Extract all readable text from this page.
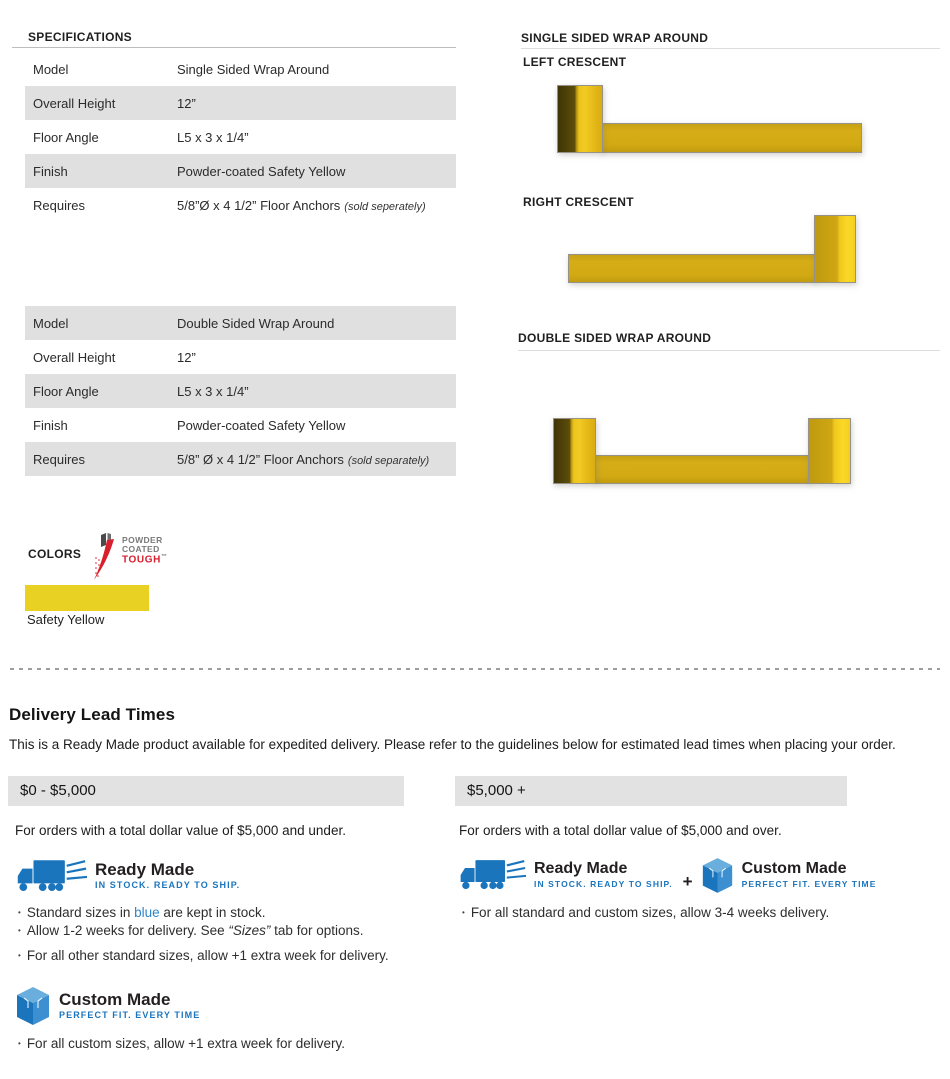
SPECIFICATIONS
Model	Single Sided Wrap Around
Overall Height	12”
Floor Angle	L5 x 3 x 1/4”
Finish	Powder-coated Safety Yellow
Requires	5/8”Ø x 4 1/2” Floor Anchors (sold seperately)
Model	Double Sided Wrap Around
Overall Height	12”
Floor Angle	L5 x 3 x 1/4”
Finish	Powder-coated Safety Yellow
Requires	5/8” Ø x 4 1/2” Floor Anchors (sold separately)
COLORS
POWDER
COATED
TOUGH™
Safety Yellow
SINGLE SIDED WRAP AROUND
LEFT CRESCENT
RIGHT CRESCENT
DOUBLE SIDED WRAP AROUND
Delivery Lead Times
This is a Ready Made product available for expedited delivery. Please refer to the guidelines below for estimated lead times when placing your order.
$0 - $5,000	$5,000 +
For orders with a total dollar value of $5,000 and under.	For orders with a total dollar value of $5,000 and over.
Ready Made
IN STOCK. READY TO SHIP.
• Standard sizes in blue are kept in stock.
• Allow 1-2 weeks for delivery. See “Sizes” tab for options.
• For all other standard sizes, allow +1 extra week for delivery.
Custom Made
PERFECT FIT. EVERY TIME
• For all custom sizes, allow +1 extra week for delivery.
Ready Made
IN STOCK. READY TO SHIP. +
Custom Made
PERFECT FIT. EVERY TIME
• For all standard and custom sizes, allow 3-4 weeks delivery.
